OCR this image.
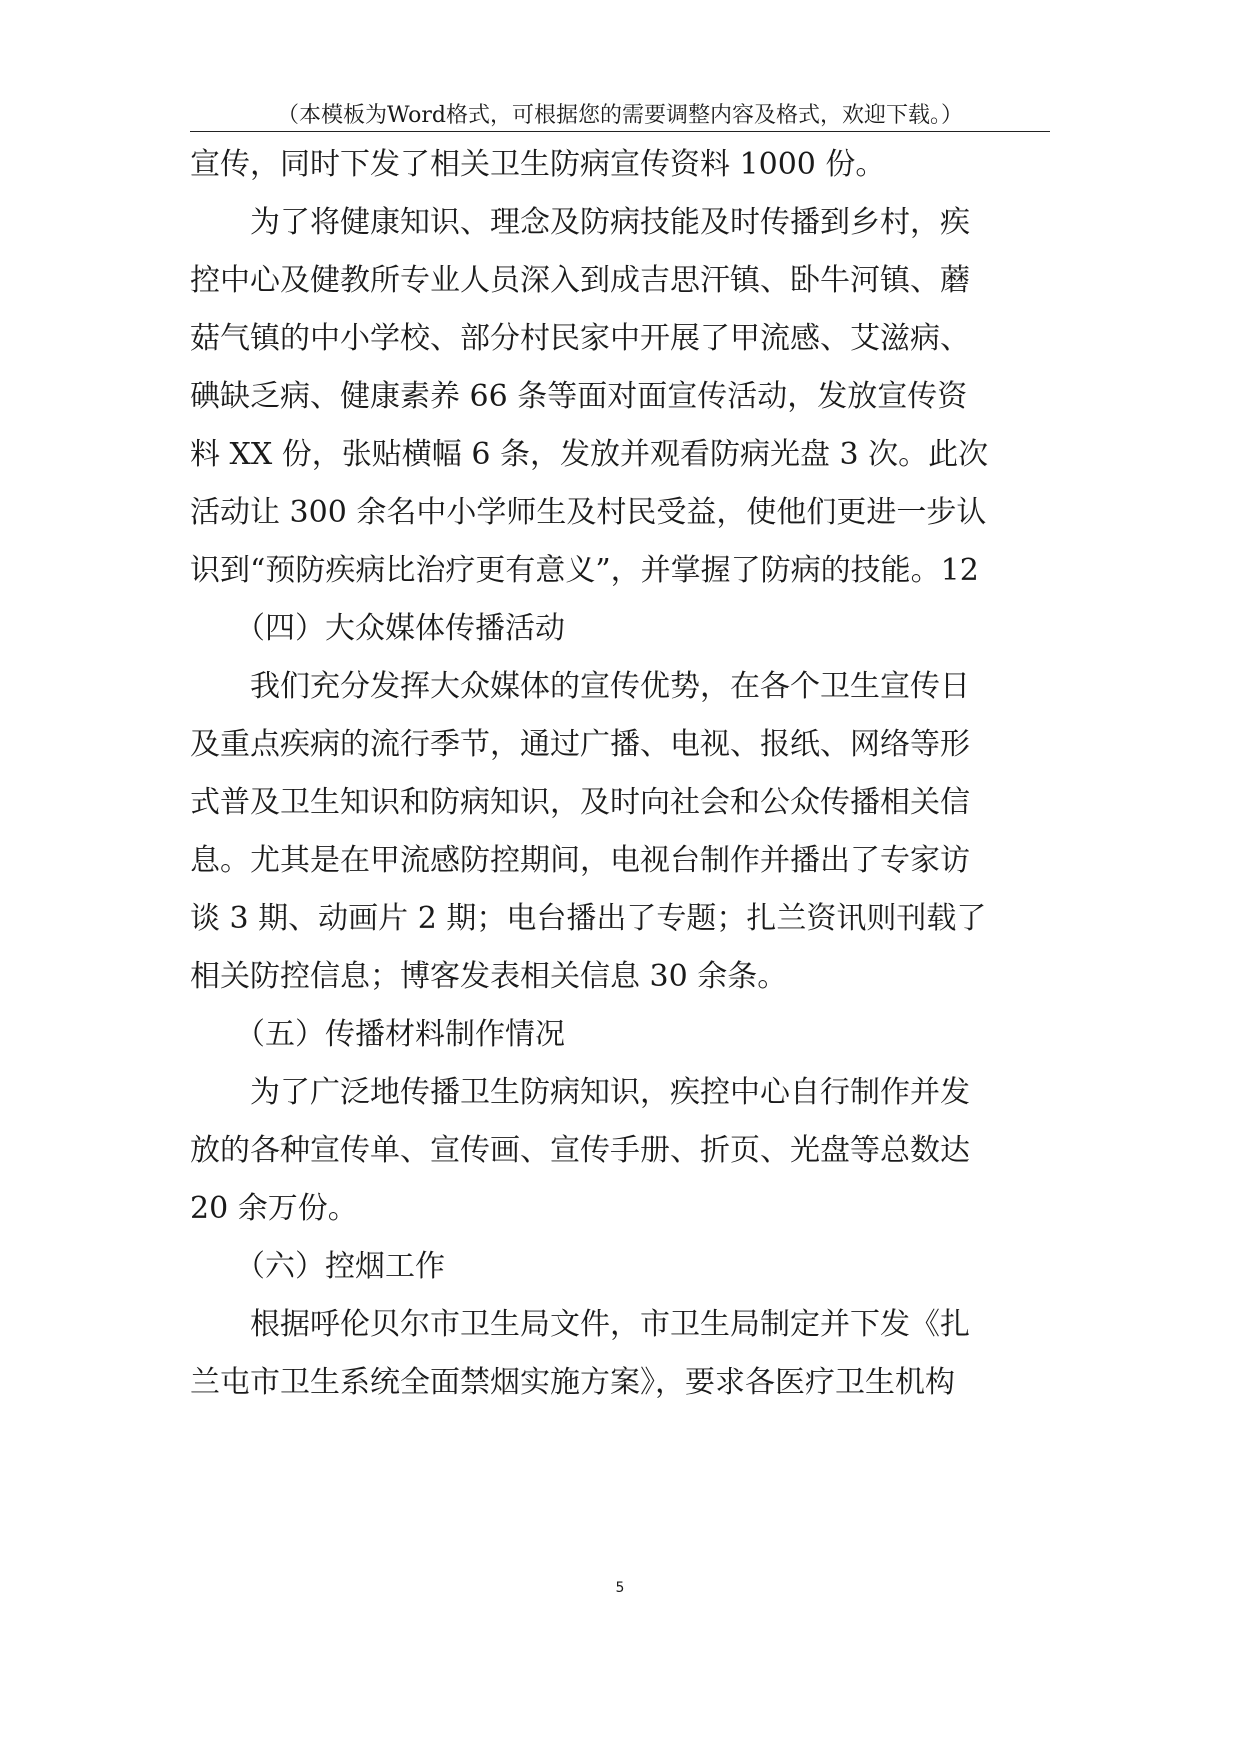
（本模板为Word格式，可根据您的需要调整内容及格式，欢迎下载。）
宣传，同时下发了相关卫生防病宣传资料 1000 份。
　　为了将健康知识、理念及防病技能及时传播到乡村，疾
控中心及健教所专业人员深入到成吉思汗镇、卧牛河镇、蘑
菇气镇的中小学校、部分村民家中开展了甲流感、艾滋病、
碘缺乏病、健康素养 66 条等面对面宣传活动，发放宣传资
料 XX 份，张贴横幅 6 条，发放并观看防病光盘 3 次。此次
活动让 300 余名中小学师生及村民受益，使他们更进一步认
识到“预防疾病比治疗更有意义”，并掌握了防病的技能。12
　　（四）大众媒体传播活动
　　我们充分发挥大众媒体的宣传优势，在各个卫生宣传日
及重点疾病的流行季节，通过广播、电视、报纸、网络等形
式普及卫生知识和防病知识，及时向社会和公众传播相关信
息。尤其是在甲流感防控期间，电视台制作并播出了专家访
谈 3 期、动画片 2 期；电台播出了专题；扎兰资讯则刊载了
相关防控信息；博客发表相关信息 30 余条。
　　（五）传播材料制作情况
　　为了广泛地传播卫生防病知识，疾控中心自行制作并发
放的各种宣传单、宣传画、宣传手册、折页、光盘等总数达
20 余万份。
　　（六）控烟工作
　　根据呼伦贝尔市卫生局文件，市卫生局制定并下发《扎
兰屯市卫生系统全面禁烟实施方案》，要求各医疗卫生机构
5
